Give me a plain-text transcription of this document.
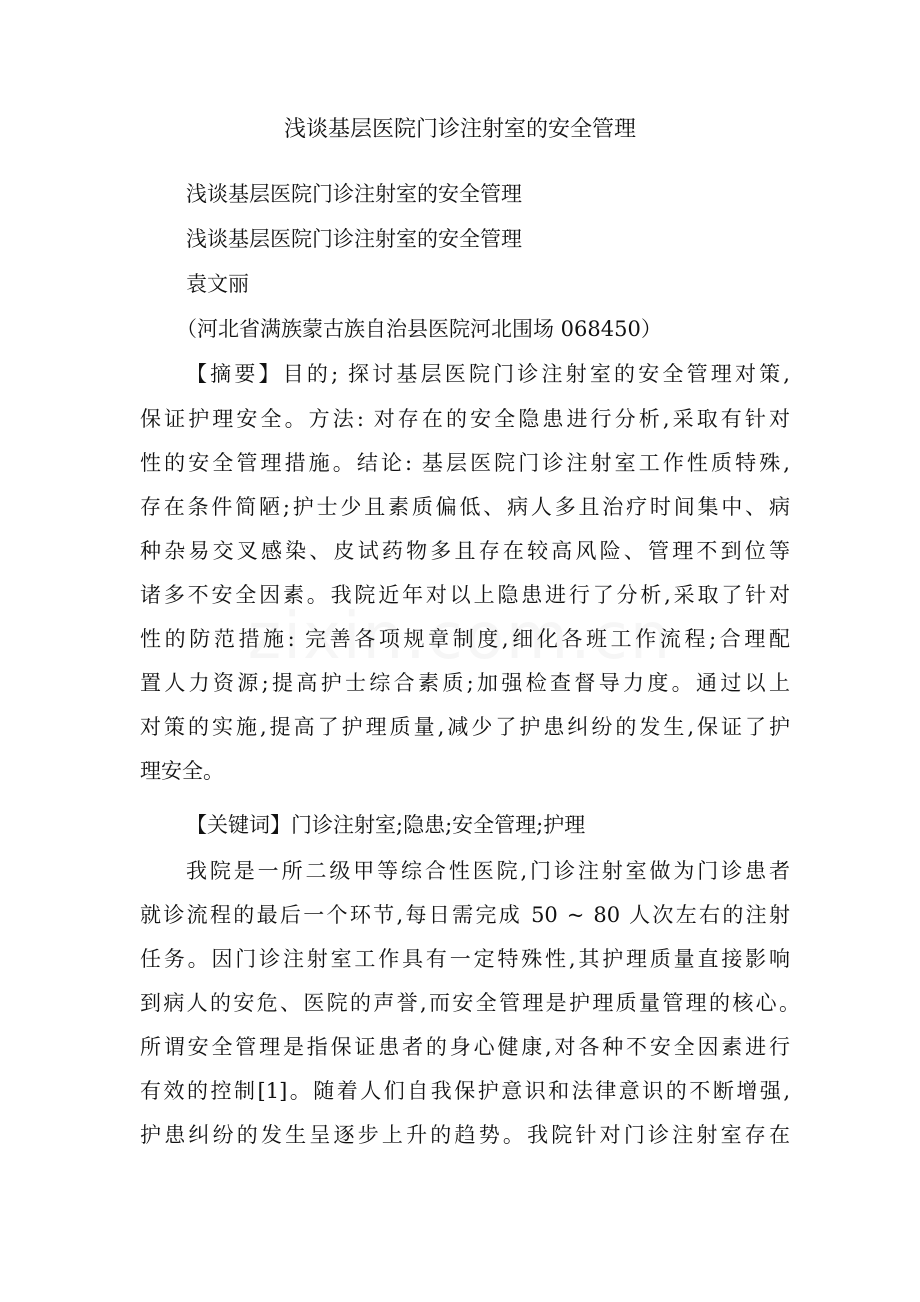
浅谈基层医院门诊注射室的安全管理
浅谈基层医院门诊注射室的安全管理
浅谈基层医院门诊注射室的安全管理
袁文丽
（河北省满族蒙古族自治县医院河北围场 068450）
【摘要】目的; 探讨基层医院门诊注射室的安全管理对策,
保证护理安全。方法: 对存在的安全隐患进行分析,采取有针对
性的安全管理措施。结论: 基层医院门诊注射室工作性质特殊,
存在条件简陋;护士少且素质偏低、病人多且治疗时间集中、病
种杂易交叉感染、皮试药物多且存在较高风险、管理不到位等
诸多不安全因素。我院近年对以上隐患进行了分析,采取了针对
性的防范措施: 完善各项规章制度,细化各班工作流程;合理配
置人力资源;提高护士综合素质;加强检查督导力度。通过以上
对策的实施,提高了护理质量,减少了护患纠纷的发生,保证了护
理安全。
【关键词】门诊注射室;隐患;安全管理;护理
我院是一所二级甲等综合性医院,门诊注射室做为门诊患者
就诊流程的最后一个环节,每日需完成 50 ~ 80 人次左右的注射
任务。因门诊注射室工作具有一定特殊性,其护理质量直接影响
到病人的安危、医院的声誉,而安全管理是护理质量管理的核心。
所谓安全管理是指保证患者的身心健康,对各种不安全因素进行
有效的控制[1]。随着人们自我保护意识和法律意识的不断增强,
护患纠纷的发生呈逐步上升的趋势。我院针对门诊注射室存在
